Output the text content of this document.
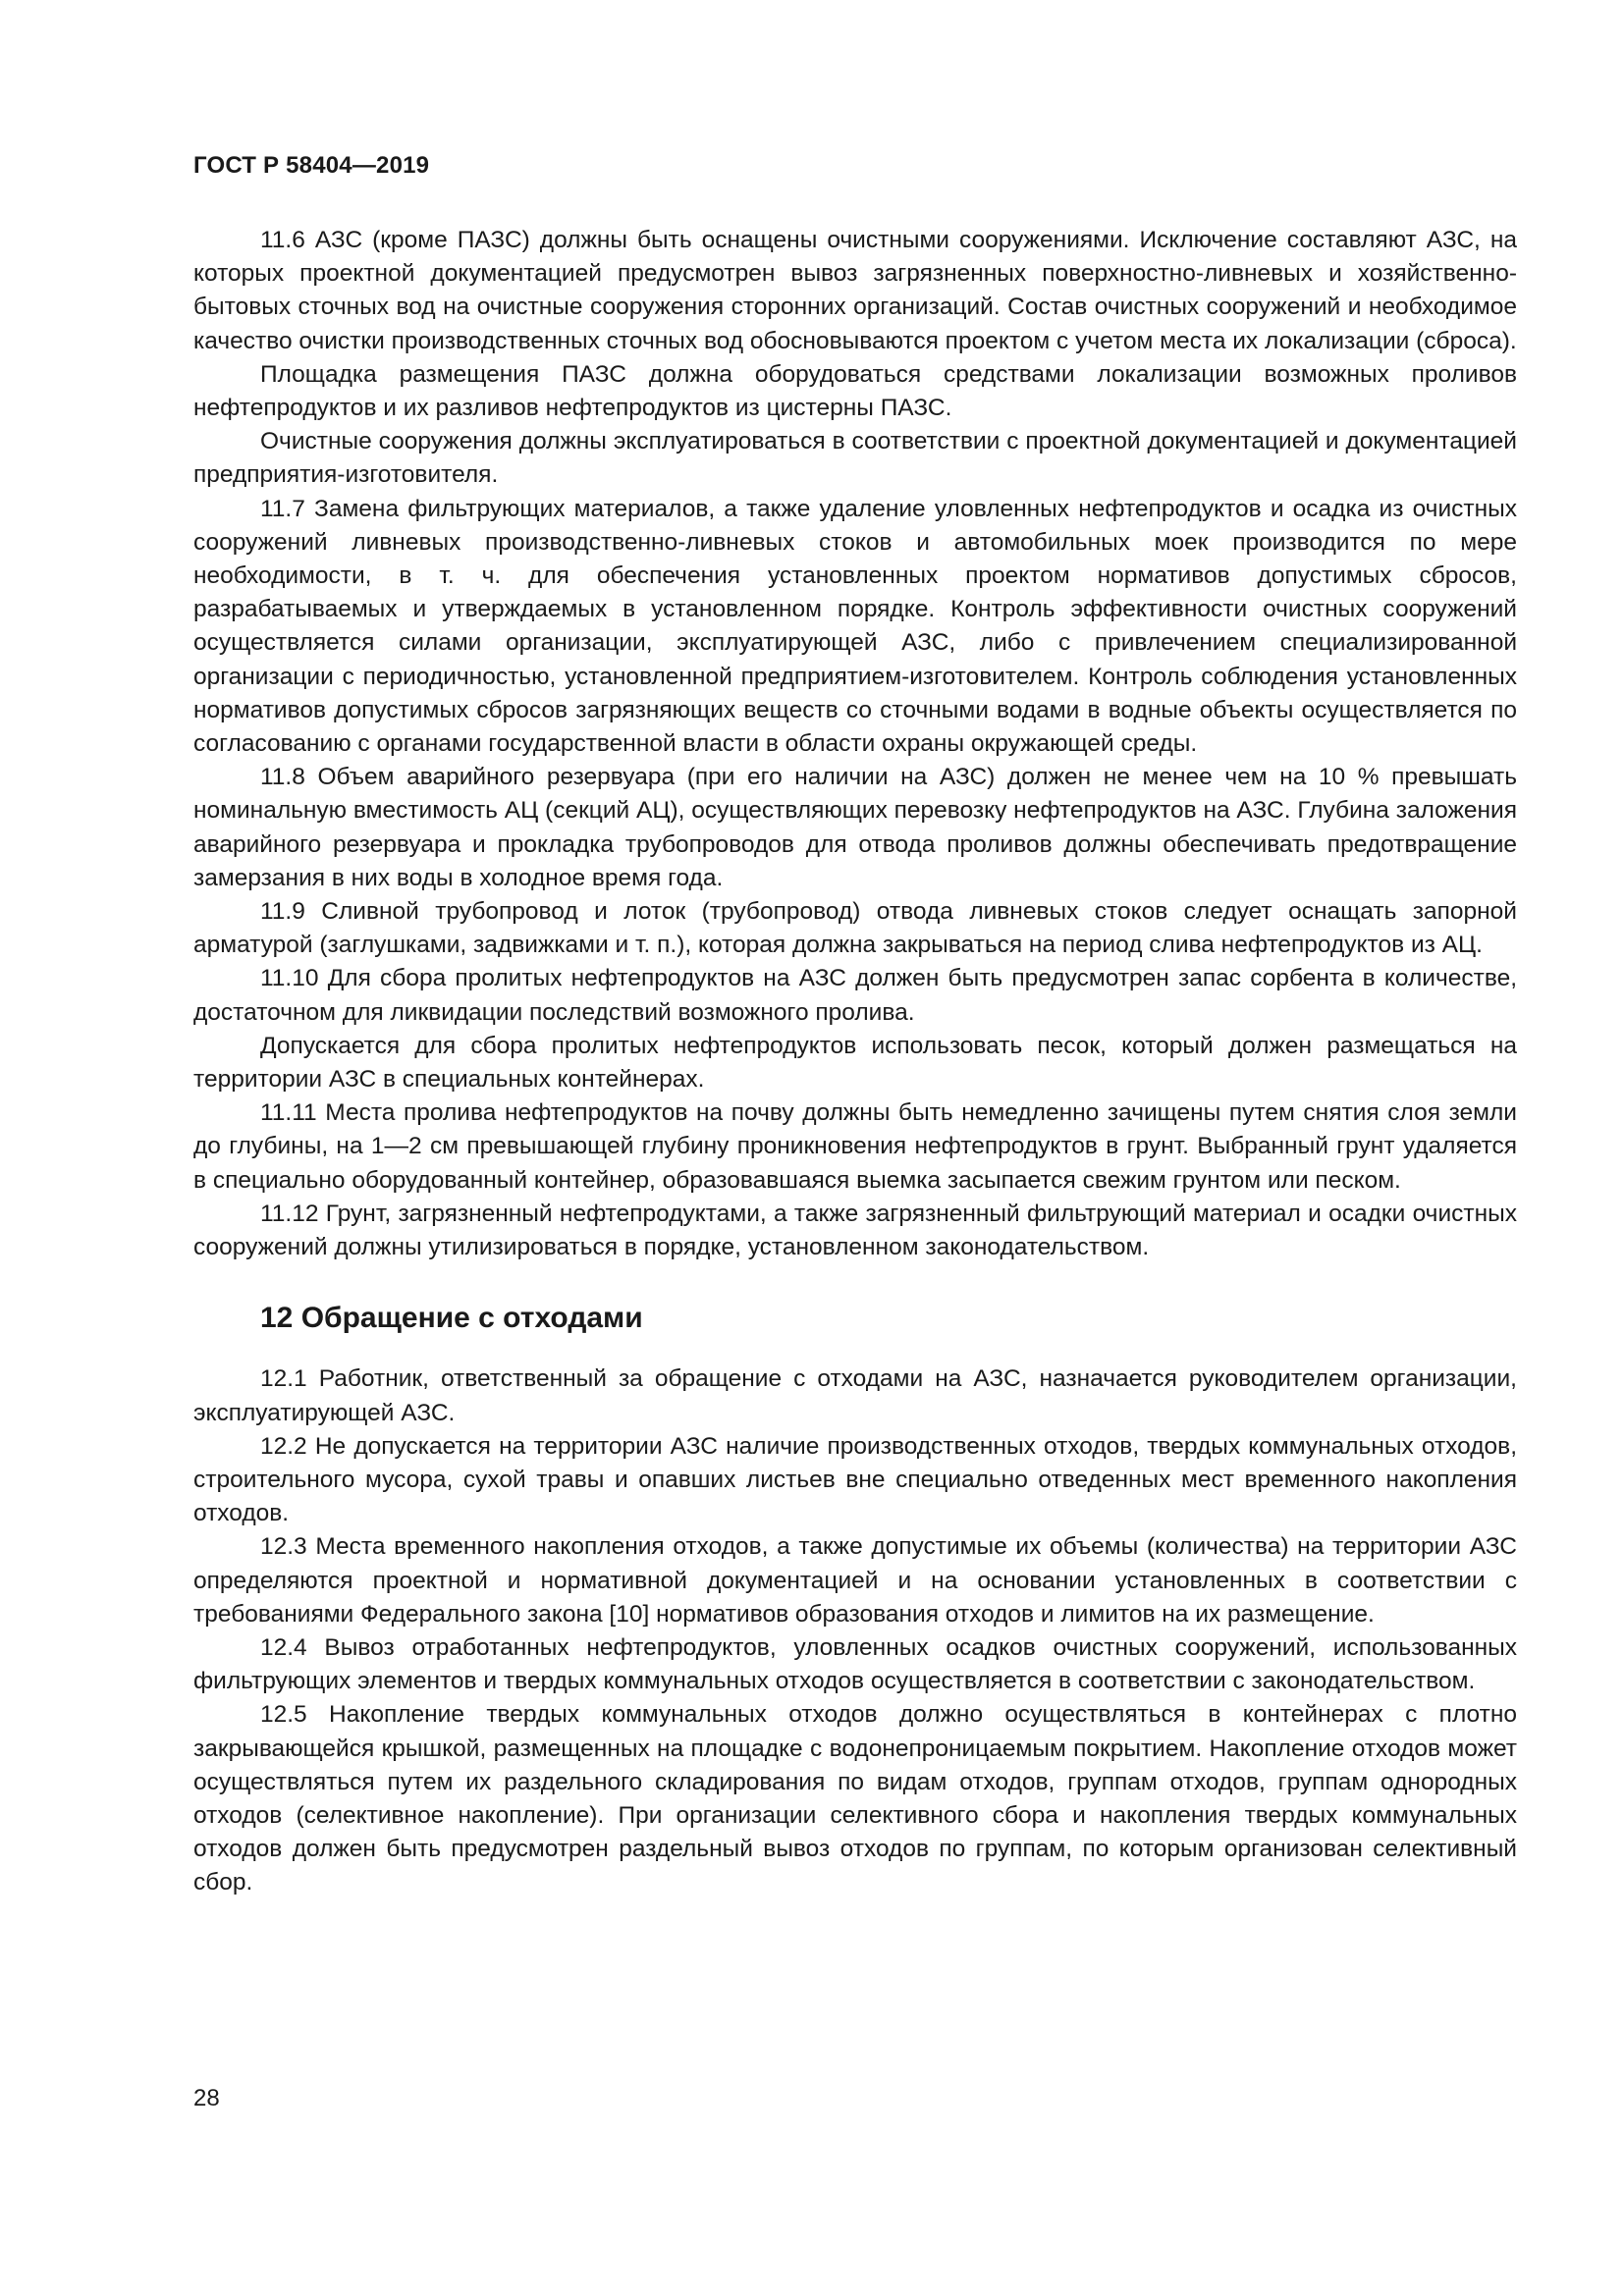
ГОСТ Р 58404—2019

11.6 АЗС (кроме ПАЗС) должны быть оснащены очистными сооружениями. Исключение составляют АЗС, на которых проектной документацией предусмотрен вывоз загрязненных поверхностно-ливневых и хозяйственно-бытовых сточных вод на очистные сооружения сторонних организаций. Состав очистных сооружений и необходимое качество очистки производственных сточных вод обосновываются проектом с учетом места их локализации (сброса).

Площадка размещения ПАЗС должна оборудоваться средствами локализации возможных проливов нефтепродуктов и их разливов нефтепродуктов из цистерны ПАЗС.

Очистные сооружения должны эксплуатироваться в соответствии с проектной документацией и документацией предприятия-изготовителя.

11.7 Замена фильтрующих материалов, а также удаление уловленных нефтепродуктов и осадка из очистных сооружений ливневых производственно-ливневых стоков и автомобильных моек производится по мере необходимости, в т. ч. для обеспечения установленных проектом нормативов допустимых сбросов, разрабатываемых и утверждаемых в установленном порядке. Контроль эффективности очистных сооружений осуществляется силами организации, эксплуатирующей АЗС, либо с привлечением специализированной организации с периодичностью, установленной предприятием-изготовителем. Контроль соблюдения установленных нормативов допустимых сбросов загрязняющих веществ со сточными водами в водные объекты осуществляется по согласованию с органами государственной власти в области охраны окружающей среды.

11.8 Объем аварийного резервуара (при его наличии на АЗС) должен не менее чем на 10 % превышать номинальную вместимость АЦ (секций АЦ), осуществляющих перевозку нефтепродуктов на АЗС. Глубина заложения аварийного резервуара и прокладка трубопроводов для отвода проливов должны обеспечивать предотвращение замерзания в них воды в холодное время года.

11.9 Сливной трубопровод и лоток (трубопровод) отвода ливневых стоков следует оснащать запорной арматурой (заглушками, задвижками и т. п.), которая должна закрываться на период слива нефтепродуктов из АЦ.

11.10 Для сбора пролитых нефтепродуктов на АЗС должен быть предусмотрен запас сорбента в количестве, достаточном для ликвидации последствий возможного пролива.

Допускается для сбора пролитых нефтепродуктов использовать песок, который должен размещаться на территории АЗС в специальных контейнерах.

11.11 Места пролива нефтепродуктов на почву должны быть немедленно зачищены путем снятия слоя земли до глубины, на 1—2 см превышающей глубину проникновения нефтепродуктов в грунт. Выбранный грунт удаляется в специально оборудованный контейнер, образовавшаяся выемка засыпается свежим грунтом или песком.

11.12 Грунт, загрязненный нефтепродуктами, а также загрязненный фильтрующий материал и осадки очистных сооружений должны утилизироваться в порядке, установленном законодательством.

12 Обращение с отходами

12.1 Работник, ответственный за обращение с отходами на АЗС, назначается руководителем организации, эксплуатирующей АЗС.

12.2 Не допускается на территории АЗС наличие производственных отходов, твердых коммунальных отходов, строительного мусора, сухой травы и опавших листьев вне специально отведенных мест временного накопления отходов.

12.3 Места временного накопления отходов, а также допустимые их объемы (количества) на территории АЗС определяются проектной и нормативной документацией и на основании установленных в соответствии с требованиями Федерального закона [10] нормативов образования отходов и лимитов на их размещение.

12.4 Вывоз отработанных нефтепродуктов, уловленных осадков очистных сооружений, использованных фильтрующих элементов и твердых коммунальных отходов осуществляется в соответствии с законодательством.

12.5 Накопление твердых коммунальных отходов должно осуществляться в контейнерах с плотно закрывающейся крышкой, размещенных на площадке с водонепроницаемым покрытием. Накопление отходов может осуществляться путем их раздельного складирования по видам отходов, группам отходов, группам однородных отходов (селективное накопление). При организации селективного сбора и накопления твердых коммунальных отходов должен быть предусмотрен раздельный вывоз отходов по группам, по которым организован селективный сбор.

28
